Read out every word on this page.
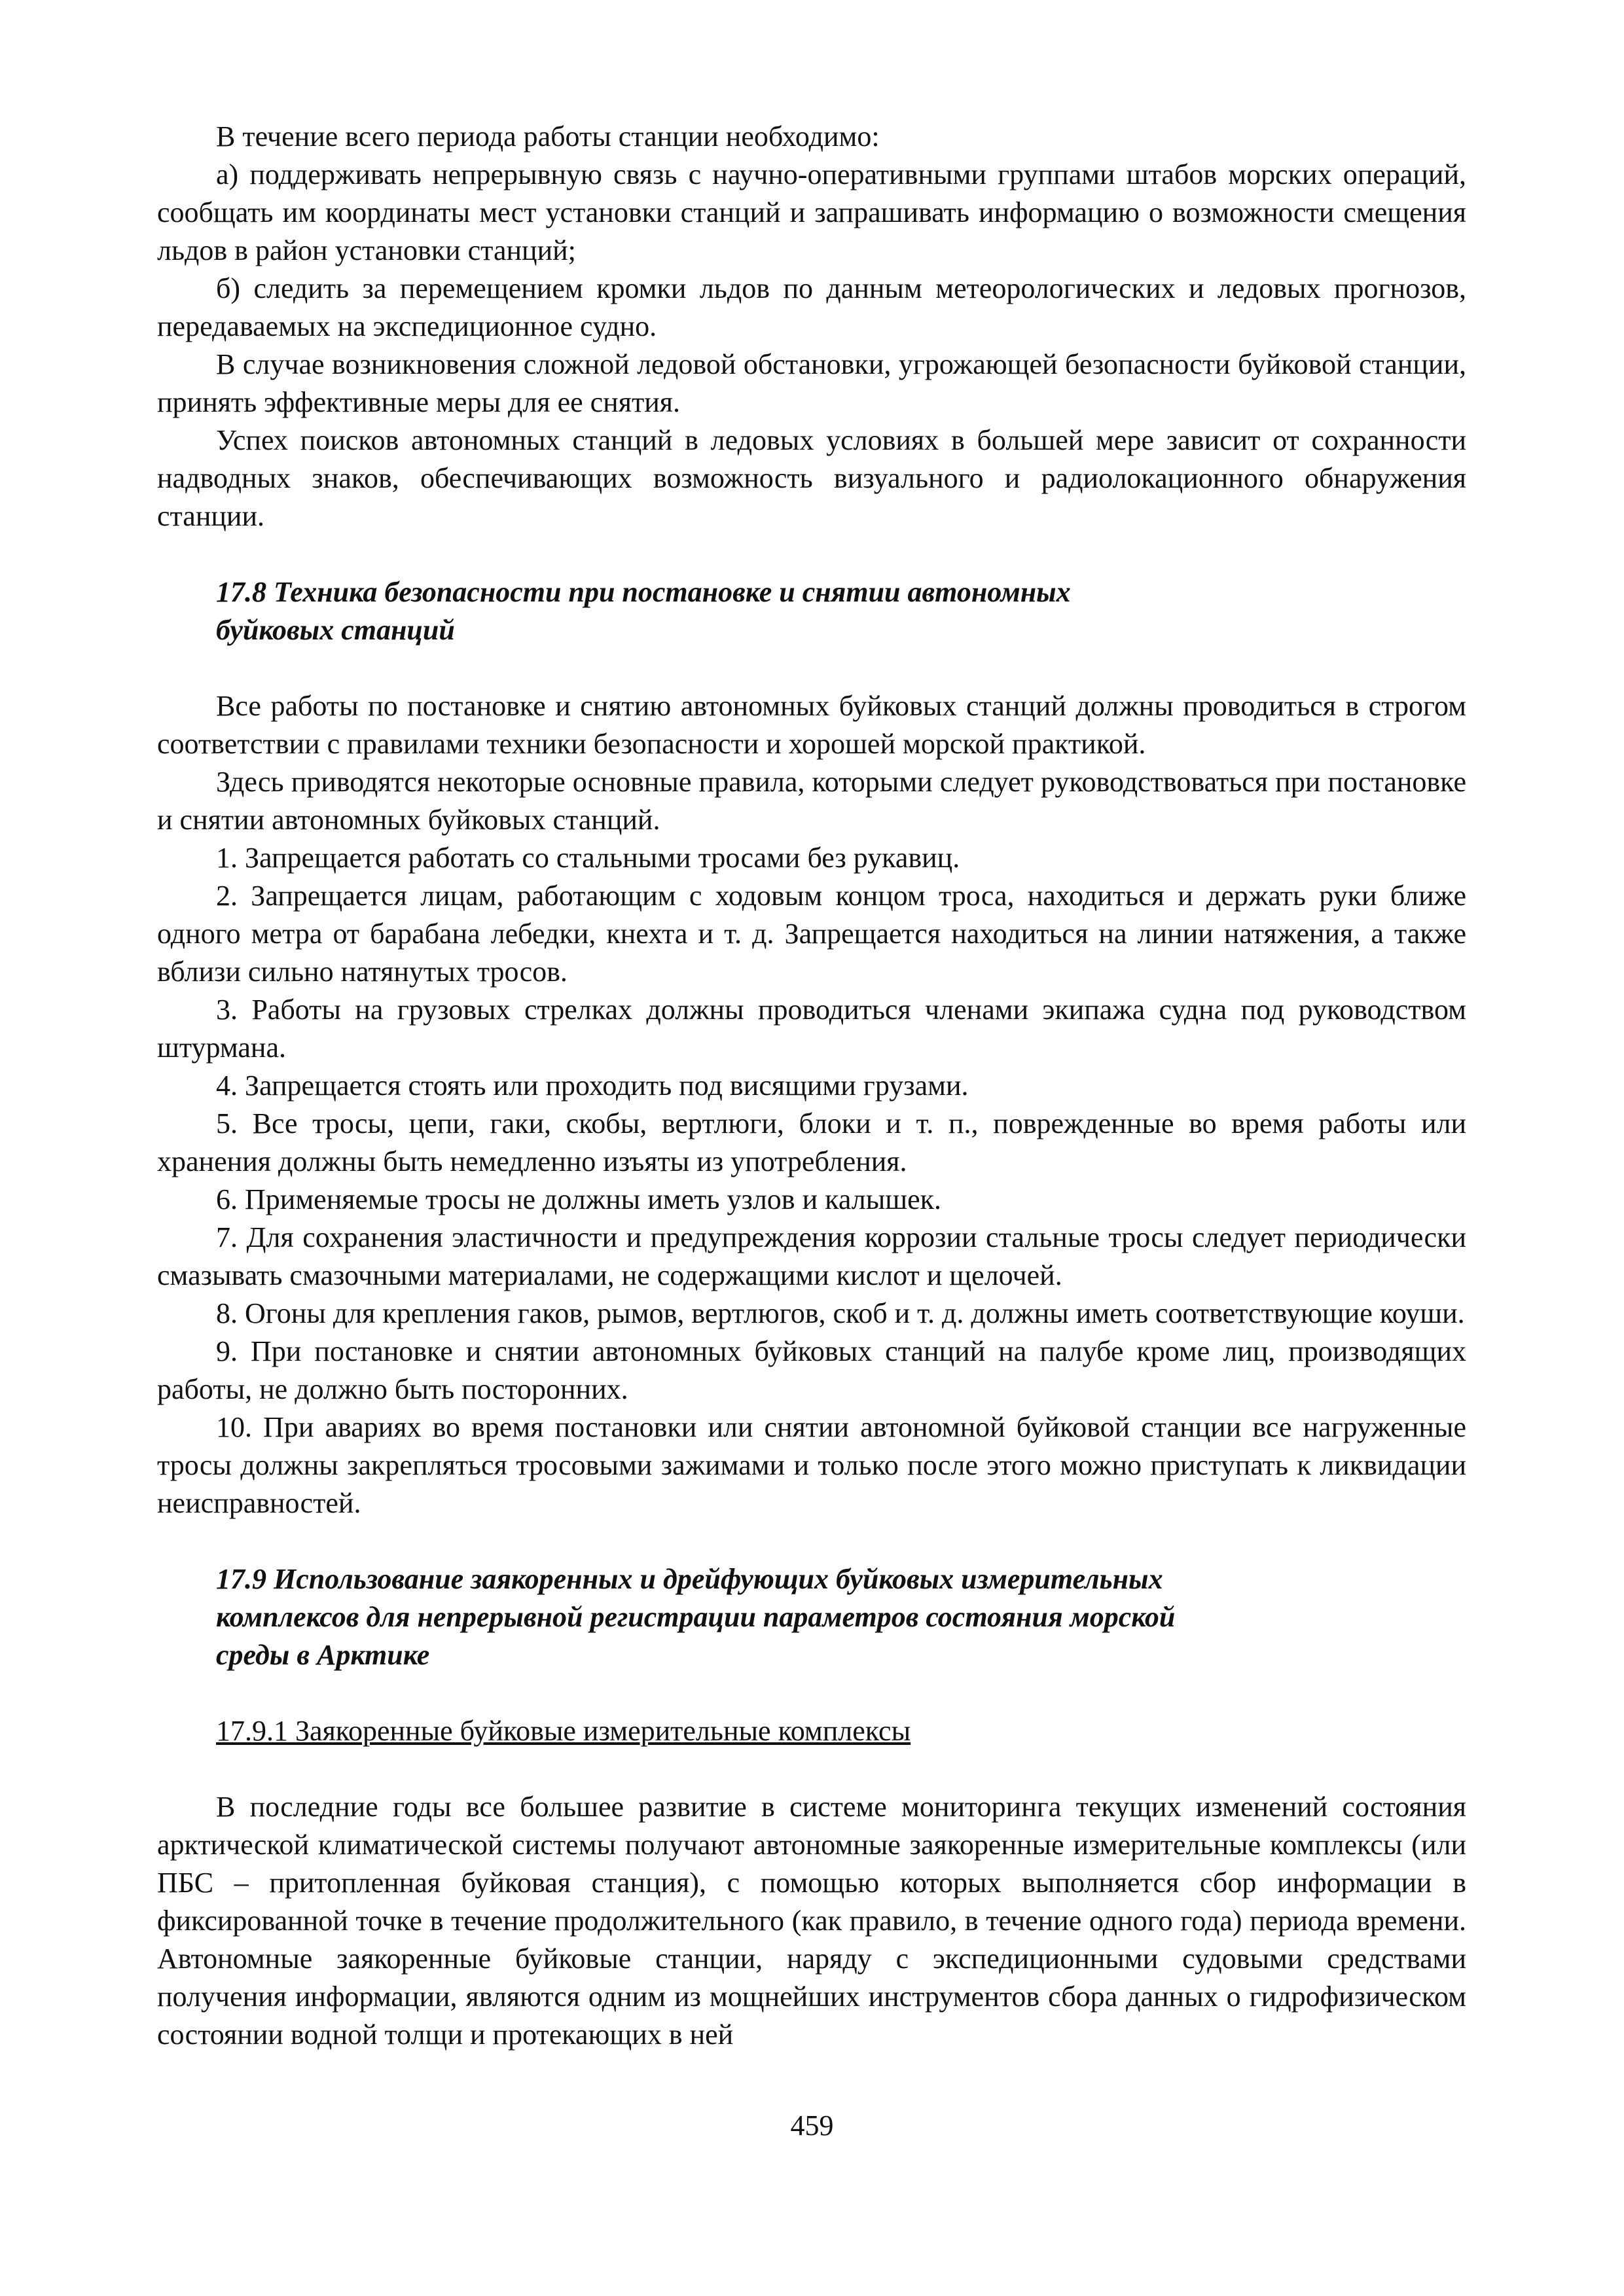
В течение всего периода работы станции необходимо:

а) поддерживать непрерывную связь с научно-оперативными группами штабов морских операций, сообщать им координаты мест установки станций и запрашивать информацию о возможности смещения льдов в район установки станций;

б) следить за перемещением кромки льдов по данным метеорологических и ледовых прогнозов, передаваемых на экспедиционное судно.

В случае возникновения сложной ледовой обстановки, угрожающей безопасности буйковой станции, принять эффективные меры для ее снятия.

Успех поисков автономных станций в ледовых условиях в большей мере зависит от сохранности надводных знаков, обеспечивающих возможность визуального и радиолокационного обнаружения станции.

17.8 Техника безопасности при постановке и снятии автономных
буйковых станций

Все работы по постановке и снятию автономных буйковых станций должны проводиться в строгом соответствии с правилами техники безопасности и хорошей морской практикой.

Здесь приводятся некоторые основные правила, которыми следует руководствоваться при постановке и снятии автономных буйковых станций.

1. Запрещается работать со стальными тросами без рукавиц.

2. Запрещается лицам, работающим с ходовым концом троса, находиться и держать руки ближе одного метра от барабана лебедки, кнехта и т. д. Запрещается находиться на линии натяжения, а также вблизи сильно натянутых тросов.

3. Работы на грузовых стрелках должны проводиться членами экипажа судна под руководством штурмана.

4. Запрещается стоять или проходить под висящими грузами.

5. Все тросы, цепи, гаки, скобы, вертлюги, блоки и т. п., поврежденные во время работы или хранения должны быть немедленно изъяты из употребления.

6. Применяемые тросы не должны иметь узлов и калышек.

7. Для сохранения эластичности и предупреждения коррозии стальные тросы следует периодически смазывать смазочными материалами, не содержащими кислот и щелочей.

8. Огоны для крепления гаков, рымов, вертлюгов, скоб и т. д. должны иметь соответствующие коуши.

9. При постановке и снятии автономных буйковых станций на палубе кроме лиц, производящих работы, не должно быть посторонних.

10. При авариях во время постановки или снятии автономной буйковой станции все нагруженные тросы должны закрепляться тросовыми зажимами и только после этого можно приступать к ликвидации неисправностей.

17.9 Использование заякоренных и дрейфующих буйковых измерительных
комплексов для непрерывной регистрации параметров состояния морской
среды в Арктике

17.9.1 Заякоренные буйковые измерительные комплексы

В последние годы все большее развитие в системе мониторинга текущих изменений состояния арктической климатической системы получают автономные заякоренные измерительные комплексы (или ПБС – притопленная буйковая станция), с помощью которых выполняется сбор информации в фиксированной точке в течение продолжительного (как правило, в течение одного года) периода времени. Автономные заякоренные буйковые станции, наряду с экспедиционными судовыми средствами получения информации, являются одним из мощнейших инструментов сбора данных о гидрофизическом состоянии водной толщи и протекающих в ней

459
